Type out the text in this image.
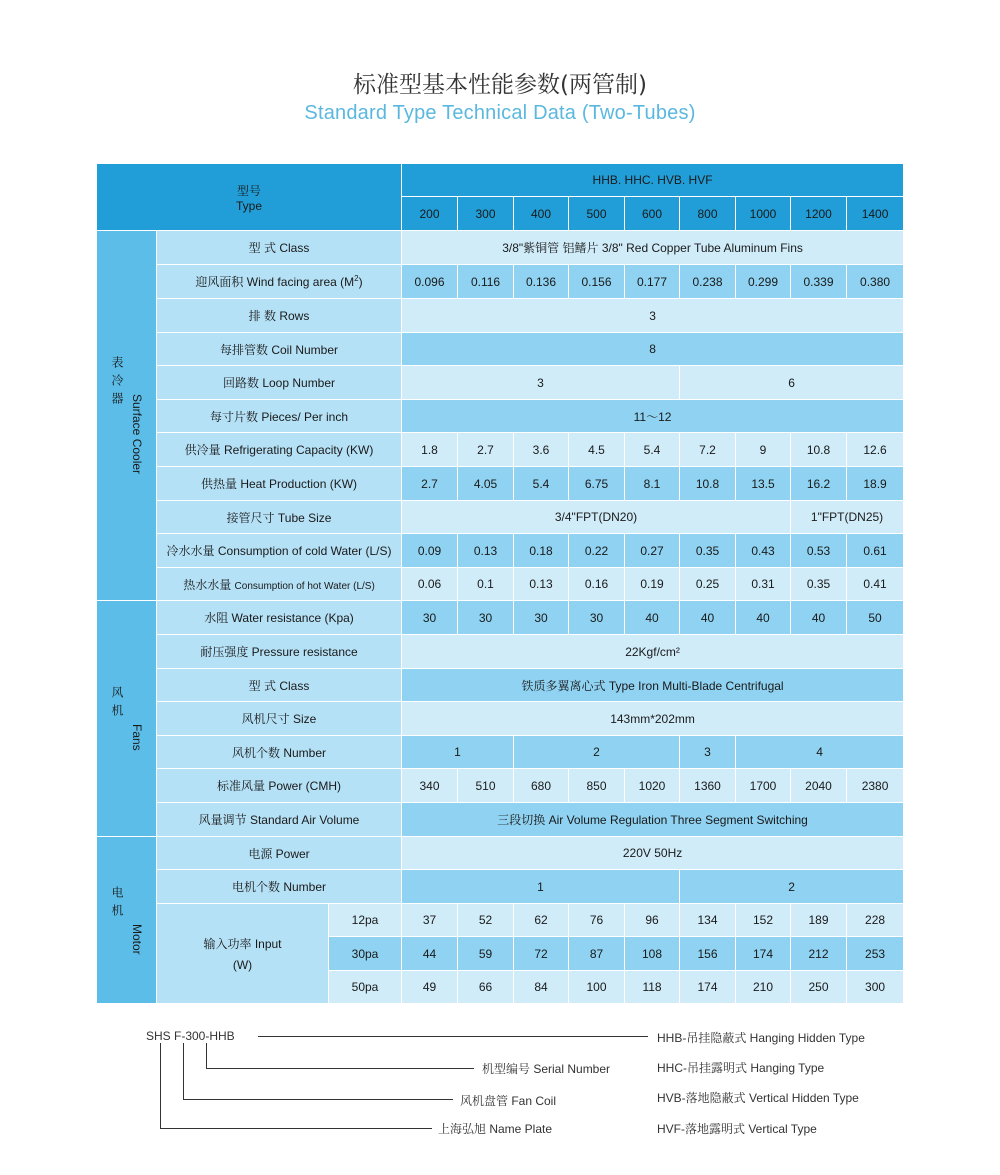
标准型基本性能参数(两管制)
Standard Type Technical Data (Two-Tubes)
型号
Type			HHB. HHC. HVB. HVF								
			200	300	400	500	600	800	1000	1200	1400

表冷器
Surface Cooler	型 式 Class		3/8"紫铜管 铝鳍片 3/8" Red Copper Tube Aluminum Fins								
	迎风面积 Wind facing area $(M^2)$		0.096	0.116	0.136	0.156	0.177	0.238	0.299	0.339	0.380
	排 数 Rows		3								
	每排管数 Coil Number		8								
	回路数 Loop Number		3					6			
	每寸片数 Pieces/ Per inch		11～12								
	供冷量 Refrigerating Capacity (KW)		1.8	2.7	3.6	4.5	5.4	7.2	9	10.8	12.6
	供热量 Heat Production (KW)		2.7	4.05	5.4	6.75	8.1	10.8	13.5	16.2	18.9
	接管尺寸 Tube Size		3/4"FPT(DN20)							1"FPT(DN25)	
	冷水水量 Consumption of cold Water (L/S)		0.09	0.13	0.18	0.22	0.27	0.35	0.43	0.53	0.61
	热水水量 Consumption of hot Water (L/S)		0.06	0.1	0.13	0.16	0.19	0.25	0.31	0.35	0.41

风机
Fans	水阻 Water resistance (Kpa)		30	30	30	30	40	40	40	40	50
	耐压强度 Pressure resistance		22Kgf/cm²								
	型 式 Class		铁质多翼离心式 Type Iron Multi-Blade Centrifugal								
	风机尺寸 Size		143mm*202mm								
	风机个数 Number		1		2			3	4		
	标准风量 Power (CMH)		340	510	680	850	1020	1360	1700	2040	2380
	风量调节 Standard Air Volume		三段切换 Air Volume Regulation Three Segment Switching								

电机
Motor	电源 Power		220V 50Hz								
	电机个数 Number		1					2			

	输入功率 Input
(W)	12pa	37	52	62	76	96	134	152	189	228
		30pa	44	59	72	87	108	156	174	212	253
		50pa	49	66	84	100	118	174	210	250	300
SHS F-300-HHB
机型编号 Serial Number
风机盘管 Fan Coil
上海弘旭 Name Plate
HHB-吊挂隐蔽式 Hanging Hidden Type
HHC-吊挂露明式 Hanging Type
HVB-落地隐蔽式 Vertical Hidden Type
HVF-落地露明式 Vertical Type
